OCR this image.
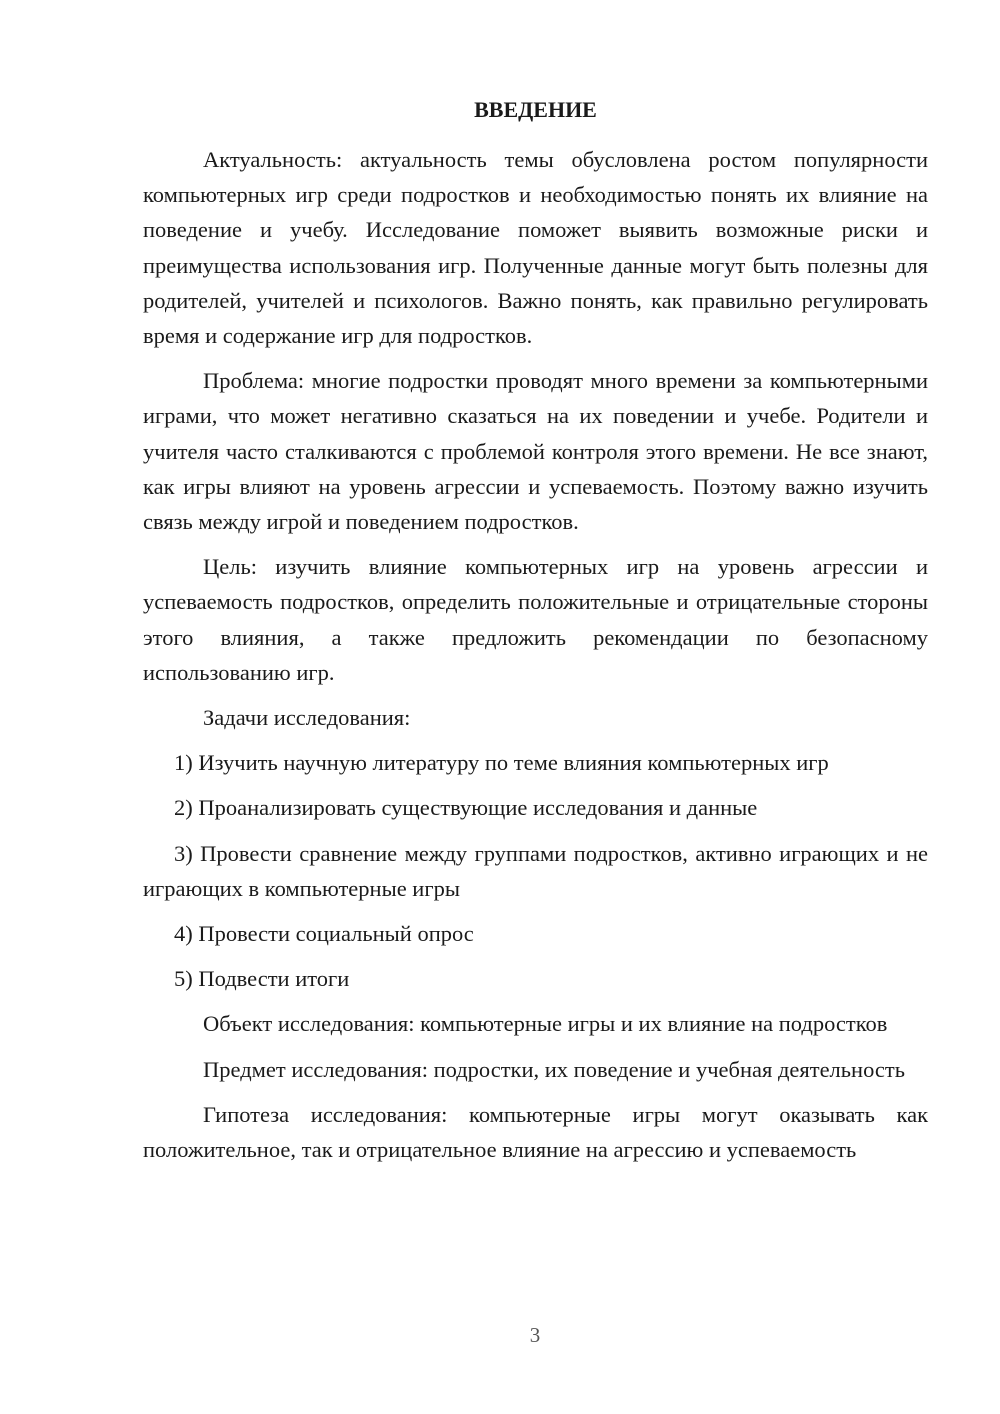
ВВЕДЕНИЕ

Актуальность: актуальность темы обусловлена ростом популярности компьютерных игр среди подростков и необходимостью понять их влияние на поведение и учебу. Исследование поможет выявить возможные риски и преимущества использования игр. Полученные данные могут быть полезны для родителей, учителей и психологов. Важно понять, как правильно регулировать время и содержание игр для подростков.

Проблема: многие подростки проводят много времени за компьютерными играми, что может негативно сказаться на их поведении и учебе. Родители и учителя часто сталкиваются с проблемой контроля этого времени. Не все знают, как игры влияют на уровень агрессии и успеваемость. Поэтому важно изучить связь между игрой и поведением подростков.

Цель: изучить влияние компьютерных игр на уровень агрессии и успеваемость подростков, определить положительные и отрицательные стороны этого влияния, а также предложить рекомендации по безопасному использованию игр.

Задачи исследования:

1) Изучить научную литературу по теме влияния компьютерных игр

2) Проанализировать существующие исследования и данные

3) Провести сравнение между группами подростков, активно играющих и не играющих в компьютерные игры

4) Провести социальный опрос

5) Подвести итоги

Объект исследования: компьютерные игры и их влияние на подростков

Предмет исследования: подростки, их поведение и учебная деятельность

Гипотеза исследования: компьютерные игры могут оказывать как положительное, так и отрицательное влияние на агрессию и успеваемость

3
